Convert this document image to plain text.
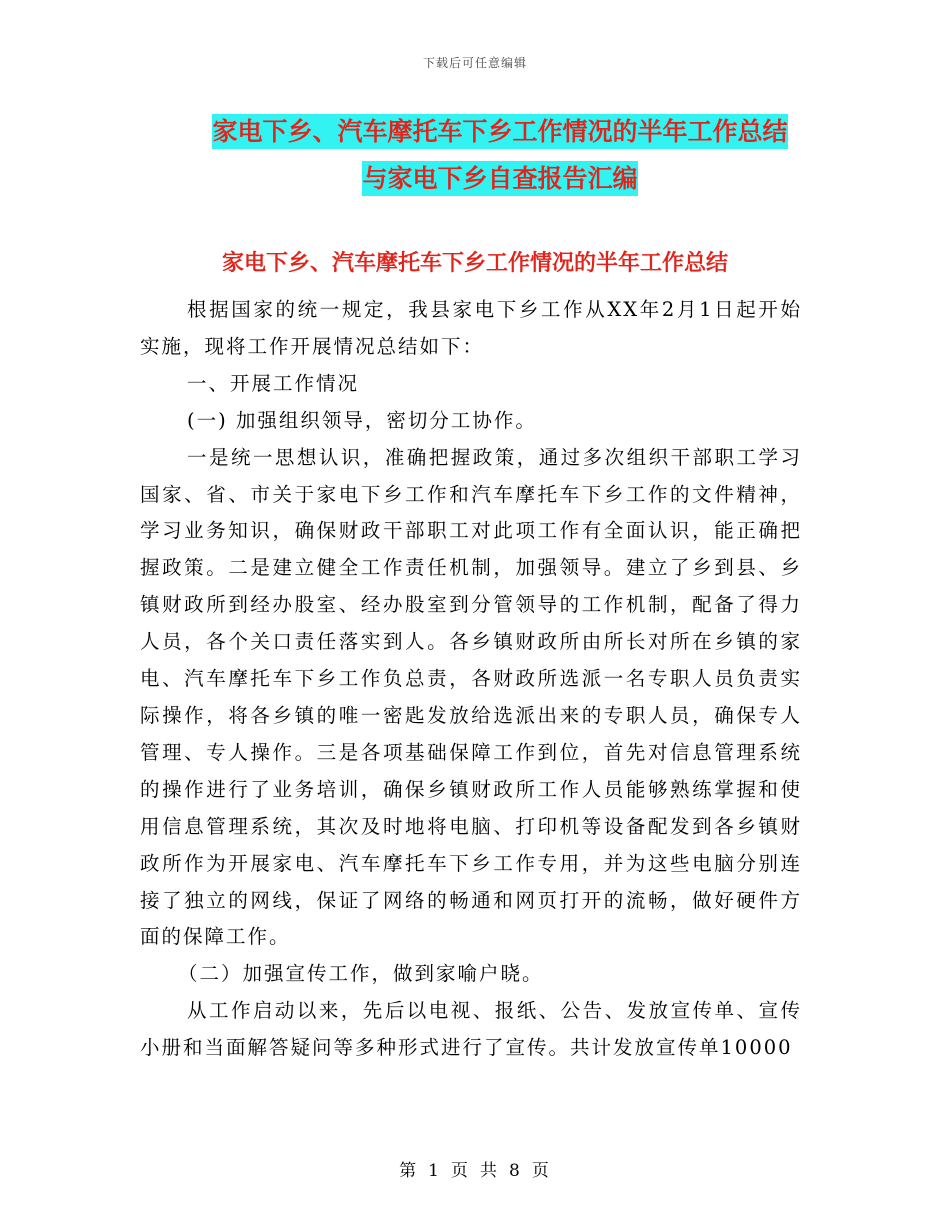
下载后可任意编辑
家电下乡、汽车摩托车下乡工作情况的半年工作总结
与家电下乡自查报告汇编
家电下乡、汽车摩托车下乡工作情况的半年工作总结

根据国家的统一规定，我县家电下乡工作从XX年2月1日起开始实施，现将工作开展情况总结如下：

一、开展工作情况

(一) 加强组织领导，密切分工协作。

一是统一思想认识，准确把握政策，通过多次组织干部职工学习国家、省、市关于家电下乡工作和汽车摩托车下乡工作的文件精神，学习业务知识，确保财政干部职工对此项工作有全面认识，能正确把握政策。二是建立健全工作责任机制，加强领导。建立了乡到县、乡镇财政所到经办股室、经办股室到分管领导的工作机制，配备了得力人员，各个关口责任落实到人。各乡镇财政所由所长对所在乡镇的家电、汽车摩托车下乡工作负总责，各财政所选派一名专职人员负责实际操作，将各乡镇的唯一密匙发放给选派出来的专职人员，确保专人管理、专人操作。三是各项基础保障工作到位，首先对信息管理系统的操作进行了业务培训，确保乡镇财政所工作人员能够熟练掌握和使用信息管理系统，其次及时地将电脑、打印机等设备配发到各乡镇财政所作为开展家电、汽车摩托车下乡工作专用，并为这些电脑分别连接了独立的网线，保证了网络的畅通和网页打开的流畅，做好硬件方面的保障工作。

（二）加强宣传工作，做到家喻户晓。

从工作启动以来，先后以电视、报纸、公告、发放宣传单、宣传小册和当面解答疑问等多种形式进行了宣传。共计发放宣传单10000

第 1 页 共 8 页
